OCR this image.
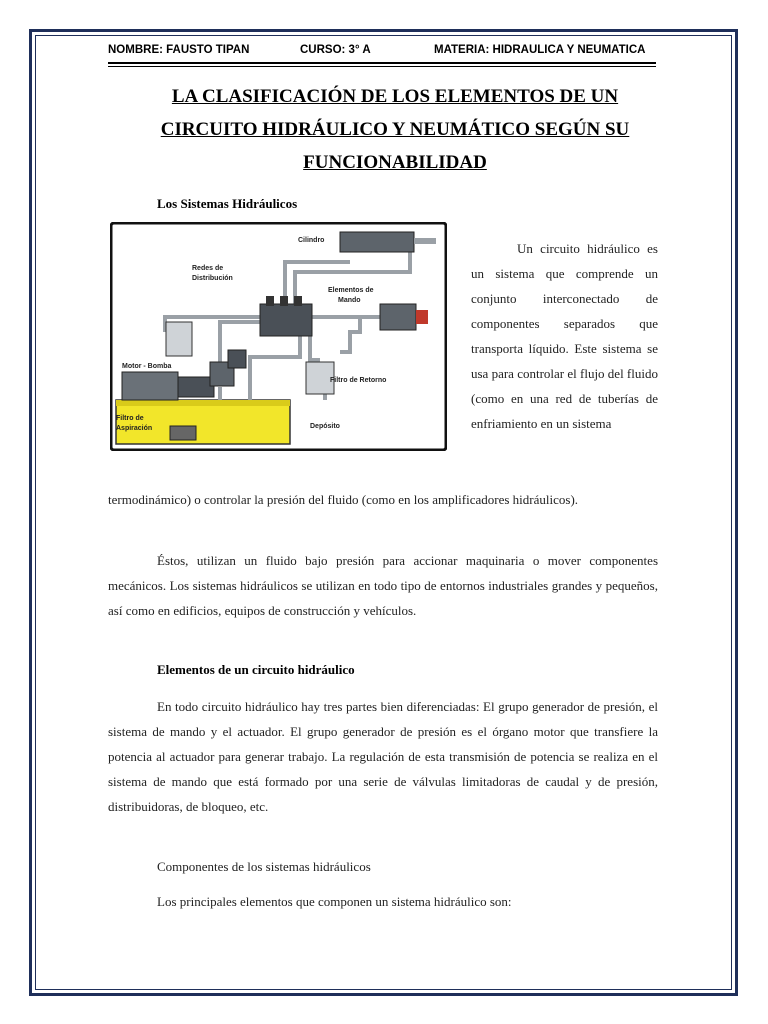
NOMBRE: FAUSTO TIPAN	CURSO: 3° A	MATERIA: HIDRAULICA Y NEUMATICA
LA CLASIFICACIÓN DE LOS ELEMENTOS DE UN
CIRCUITO HIDRÁULICO Y NEUMÁTICO SEGÚN SU
FUNCIONABILIDAD
Los Sistemas Hidráulicos
Cilindro
Redes de
Distribución
Elementos de
Mando
Motor - Bomba
Filtro de Retorno
Filtro de
Aspiración	Depósito
Un circuito hidráulico es un sistema que comprende un conjunto interconectado de componentes separados que transporta líquido. Este sistema se usa para controlar el flujo del fluido (como en una red de tuberías de enfriamiento en un sistema
termodinámico) o controlar la presión del fluido (como en los amplificadores hidráulicos).
Éstos, utilizan un fluido bajo presión para accionar maquinaria o mover componentes mecánicos. Los sistemas hidráulicos se utilizan en todo tipo de entornos industriales grandes y pequeños, así como en edificios, equipos de construcción y vehículos.
Elementos de un circuito hidráulico
En todo circuito hidráulico hay tres partes bien diferenciadas: El grupo generador de presión, el sistema de mando y el actuador. El grupo generador de presión es el órgano motor que transfiere la potencia al actuador para generar trabajo. La regulación de esta transmisión de potencia se realiza en el sistema de mando que está formado por una serie de válvulas limitadoras de caudal y de presión, distribuidoras, de bloqueo, etc.
Componentes de los sistemas hidráulicos
Los principales elementos que componen un sistema hidráulico son:
